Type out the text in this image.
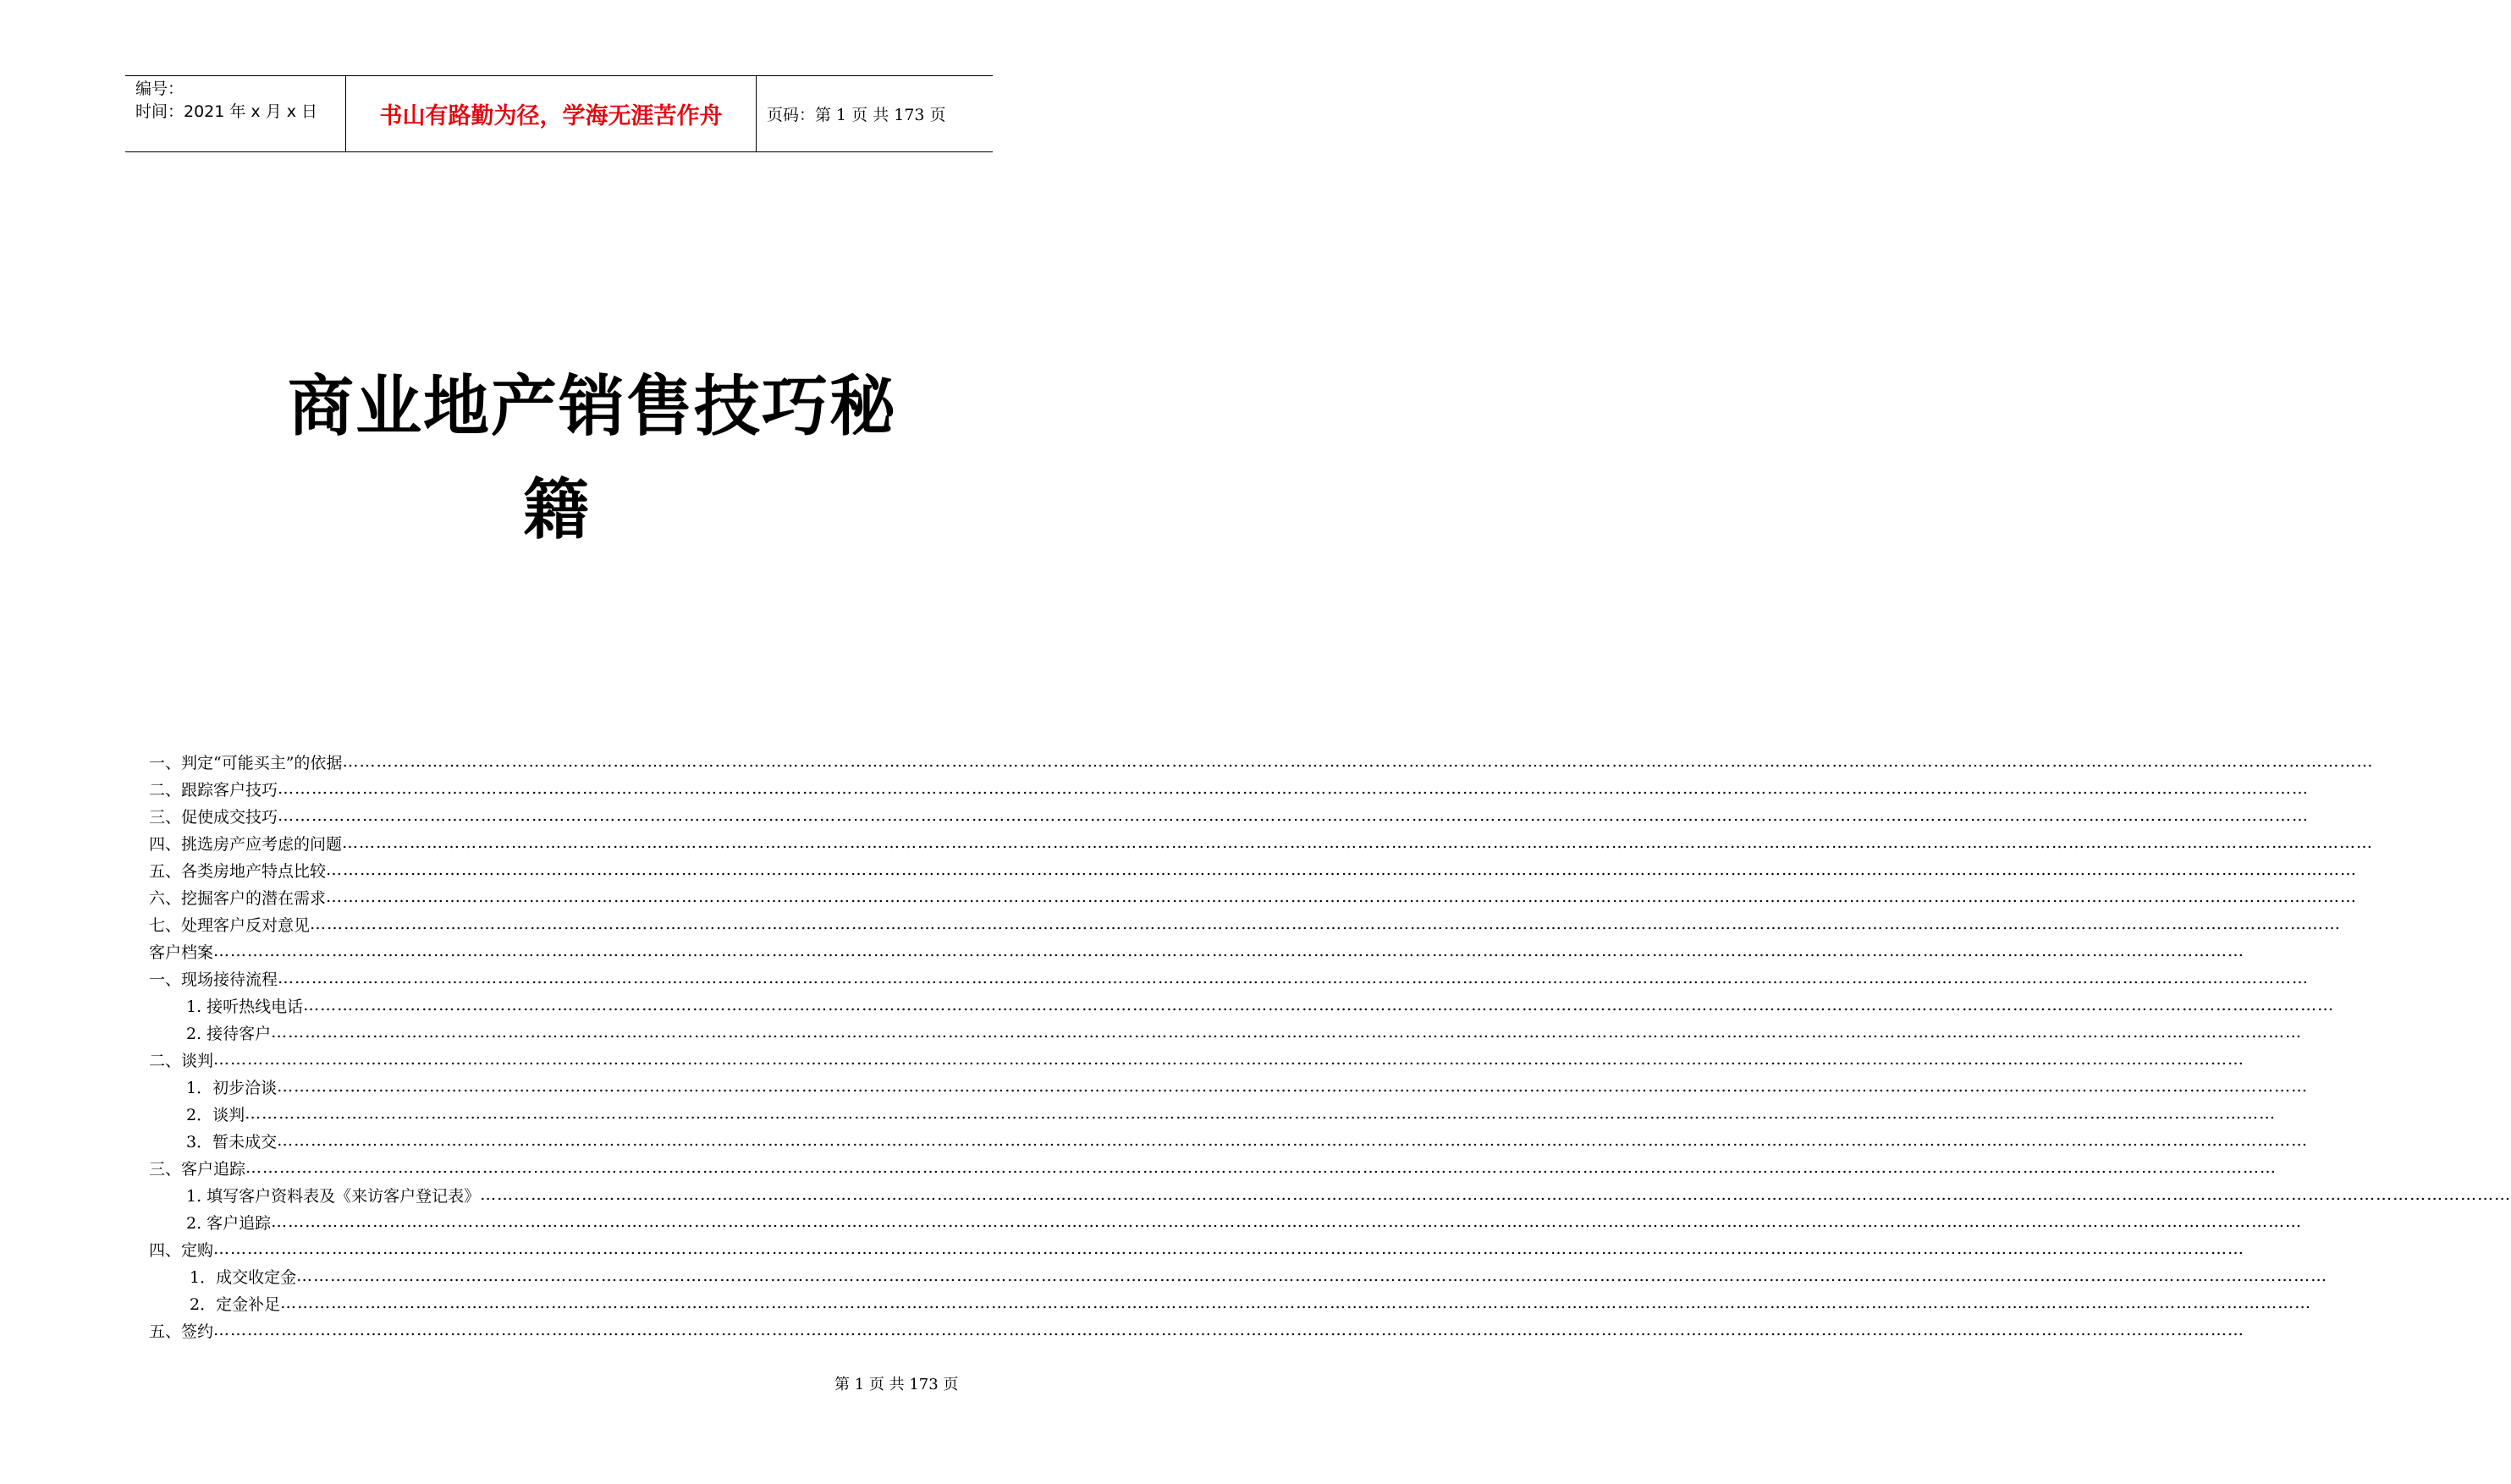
编号：
时间：2021 年 x 月 x 日	书山有路勤为径，学海无涯苦作舟	页码：第 1 页 共 173 页
商业地产销售技巧秘
籍
一、判定“可能买主”的依据 ………………………………………………………………………………………………………………………………………………………………………………………………………………………………………………………………………………………………………………………………
二、跟踪客户技巧 ………………………………………………………………………………………………………………………………………………………………………………………………………………………………………………………………………………………………………………………………
三、促使成交技巧 ………………………………………………………………………………………………………………………………………………………………………………………………………………………………………………………………………………………………………………………………
四、挑选房产应考虑的问题 ………………………………………………………………………………………………………………………………………………………………………………………………………………………………………………………………………………………………………………………………
五、各类房地产特点比较 ………………………………………………………………………………………………………………………………………………………………………………………………………………………………………………………………………………………………………………………………
六、挖掘客户的潜在需求 ………………………………………………………………………………………………………………………………………………………………………………………………………………………………………………………………………………………………………………………………
七、处理客户反对意见 ………………………………………………………………………………………………………………………………………………………………………………………………………………………………………………………………………………………………………………………………
客户档案 ………………………………………………………………………………………………………………………………………………………………………………………………………………………………………………………………………………………………………………………………
一、现场接待流程 ………………………………………………………………………………………………………………………………………………………………………………………………………………………………………………………………………………………………………………………………
1. 接听热线电话 ………………………………………………………………………………………………………………………………………………………………………………………………………………………………………………………………………………………………………………………………
2. 接待客户 ………………………………………………………………………………………………………………………………………………………………………………………………………………………………………………………………………………………………………………………………
二、谈判 ………………………………………………………………………………………………………………………………………………………………………………………………………………………………………………………………………………………………………………………………
1．初步洽谈 ………………………………………………………………………………………………………………………………………………………………………………………………………………………………………………………………………………………………………………………………
2．谈判 ………………………………………………………………………………………………………………………………………………………………………………………………………………………………………………………………………………………………………………………………
3．暂未成交 ………………………………………………………………………………………………………………………………………………………………………………………………………………………………………………………………………………………………………………………………
三、客户追踪 ………………………………………………………………………………………………………………………………………………………………………………………………………………………………………………………………………………………………………………………………
1. 填写客户资料表及《来访客户登记表》 ………………………………………………………………………………………………………………………………………………………………………………………………………………………………………………………………………………………………………………………………
2. 客户追踪 ………………………………………………………………………………………………………………………………………………………………………………………………………………………………………………………………………………………………………………………………
四、定购 ………………………………………………………………………………………………………………………………………………………………………………………………………………………………………………………………………………………………………………………………
1．成交收定金 ………………………………………………………………………………………………………………………………………………………………………………………………………………………………………………………………………………………………………………………………
2．定金补足 ………………………………………………………………………………………………………………………………………………………………………………………………………………………………………………………………………………………………………………………………
五、签约 ………………………………………………………………………………………………………………………………………………………………………………………………………………………………………………………………………………………………………………………………
第 1 页 共 173 页
